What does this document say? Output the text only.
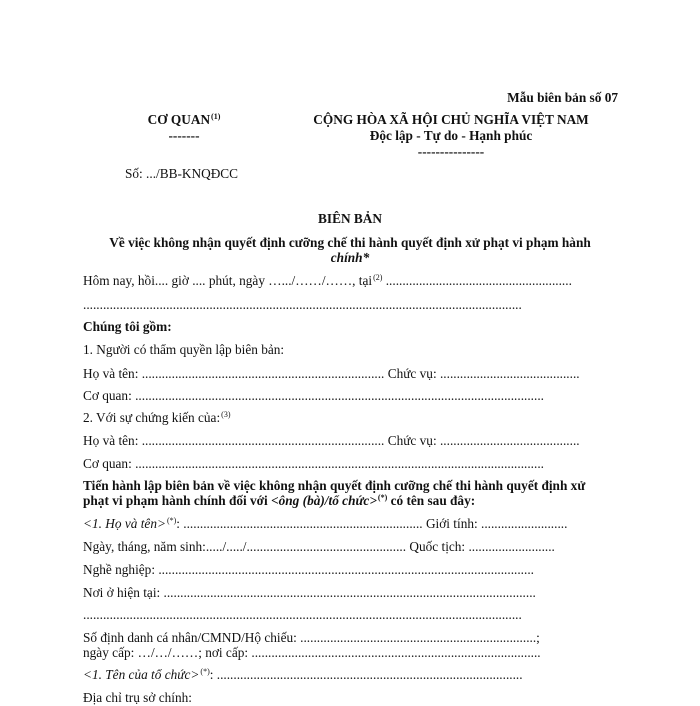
Mẫu biên bản số 07
CƠ QUAN$^{(1)}$
-------
CỘNG HÒA XÃ HỘI CHỦ NGHĨA VIỆT NAM
Độc lập - Tự do - Hạnh phúc
---------------
Số: .../BB-KNQĐCC
BIÊN BẢN
Về việc không nhận quyết định cưỡng chế thi hành quyết định xử phạt vi phạm hành
chính*
Hôm nay, hồi.... giờ .... phút, ngày ….../……/……, tại$^{(2)}$ ........................................................
....................................................................................................................................
Chúng tôi gồm:
1. Người có thẩm quyền lập biên bản:
Họ và tên: ......................................................................... Chức vụ: ..........................................
Cơ quan: ...........................................................................................................................
2. Với sự chứng kiến của:$^{(3)}$
Họ và tên: ......................................................................... Chức vụ: ..........................................
Cơ quan: ...........................................................................................................................
Tiến hành lập biên bản về việc không nhận quyết định cưỡng chế thi hành quyết định xử
phạt vi phạm hành chính đối với <ông (bà)/tổ chức>(*) có tên sau đây:
<1. Họ và tên>(*): ........................................................................ Giới tính: ..........................
Ngày, tháng, năm sinh:...../...../................................................ Quốc tịch: ..........................
Nghề nghiệp: .................................................................................................................
Nơi ở hiện tại: ................................................................................................................
....................................................................................................................................
Số định danh cá nhân/CMND/Hộ chiếu: .......................................................................;
ngày cấp: …/…/……; nơi cấp: .......................................................................................
<1. Tên của tổ chức>(*): ............................................................................................
Địa chỉ trụ sở chính:
